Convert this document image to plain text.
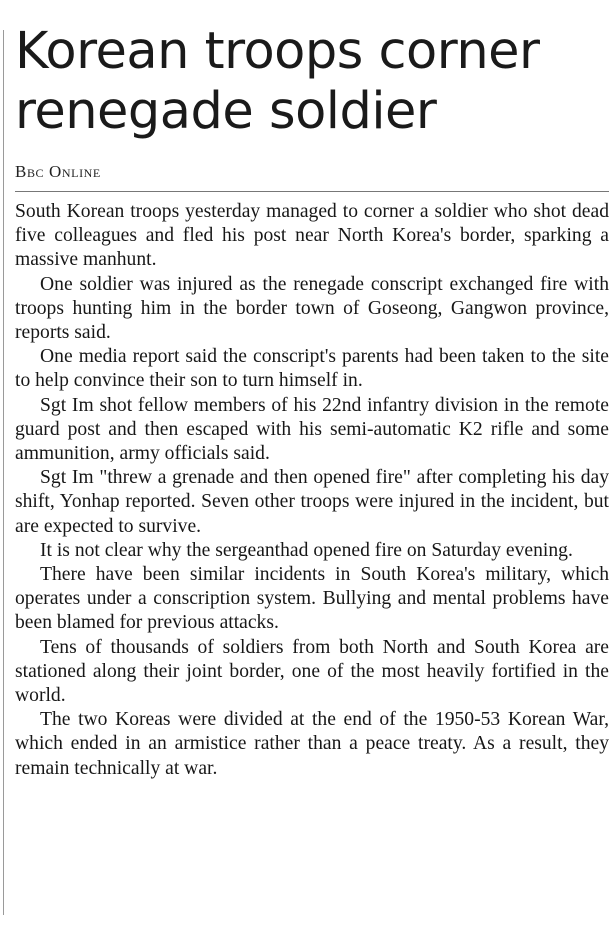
Korean troops corner renegade soldier
Bbc Online

South Korean troops yesterday managed to corner a soldier who shot dead five colleagues and fled his post near North Korea's border, sparking a massive manhunt.

One soldier was injured as the renegade conscript exchanged fire with troops hunting him in the border town of Goseong, Gangwon province, reports said.

One media report said the conscript's parents had been taken to the site to help convince their son to turn himself in.

Sgt Im shot fellow members of his 22nd infantry division in the remote guard post and then escaped with his semi-automatic K2 rifle and some ammunition, army officials said.

Sgt Im "threw a grenade and then opened fire" after completing his day shift, Yonhap reported. Seven other troops were injured in the incident, but are expected to survive.

It is not clear why the sergeanthad opened fire on Saturday evening.

There have been similar incidents in South Korea's military, which operates under a conscription system. Bullying and mental problems have been blamed for previous attacks.

Tens of thousands of soldiers from both North and South Korea are stationed along their joint border, one of the most heavily fortified in the world.

The two Koreas were divided at the end of the 1950-53 Korean War, which ended in an armistice rather than a peace treaty. As a result, they remain technically at war.
